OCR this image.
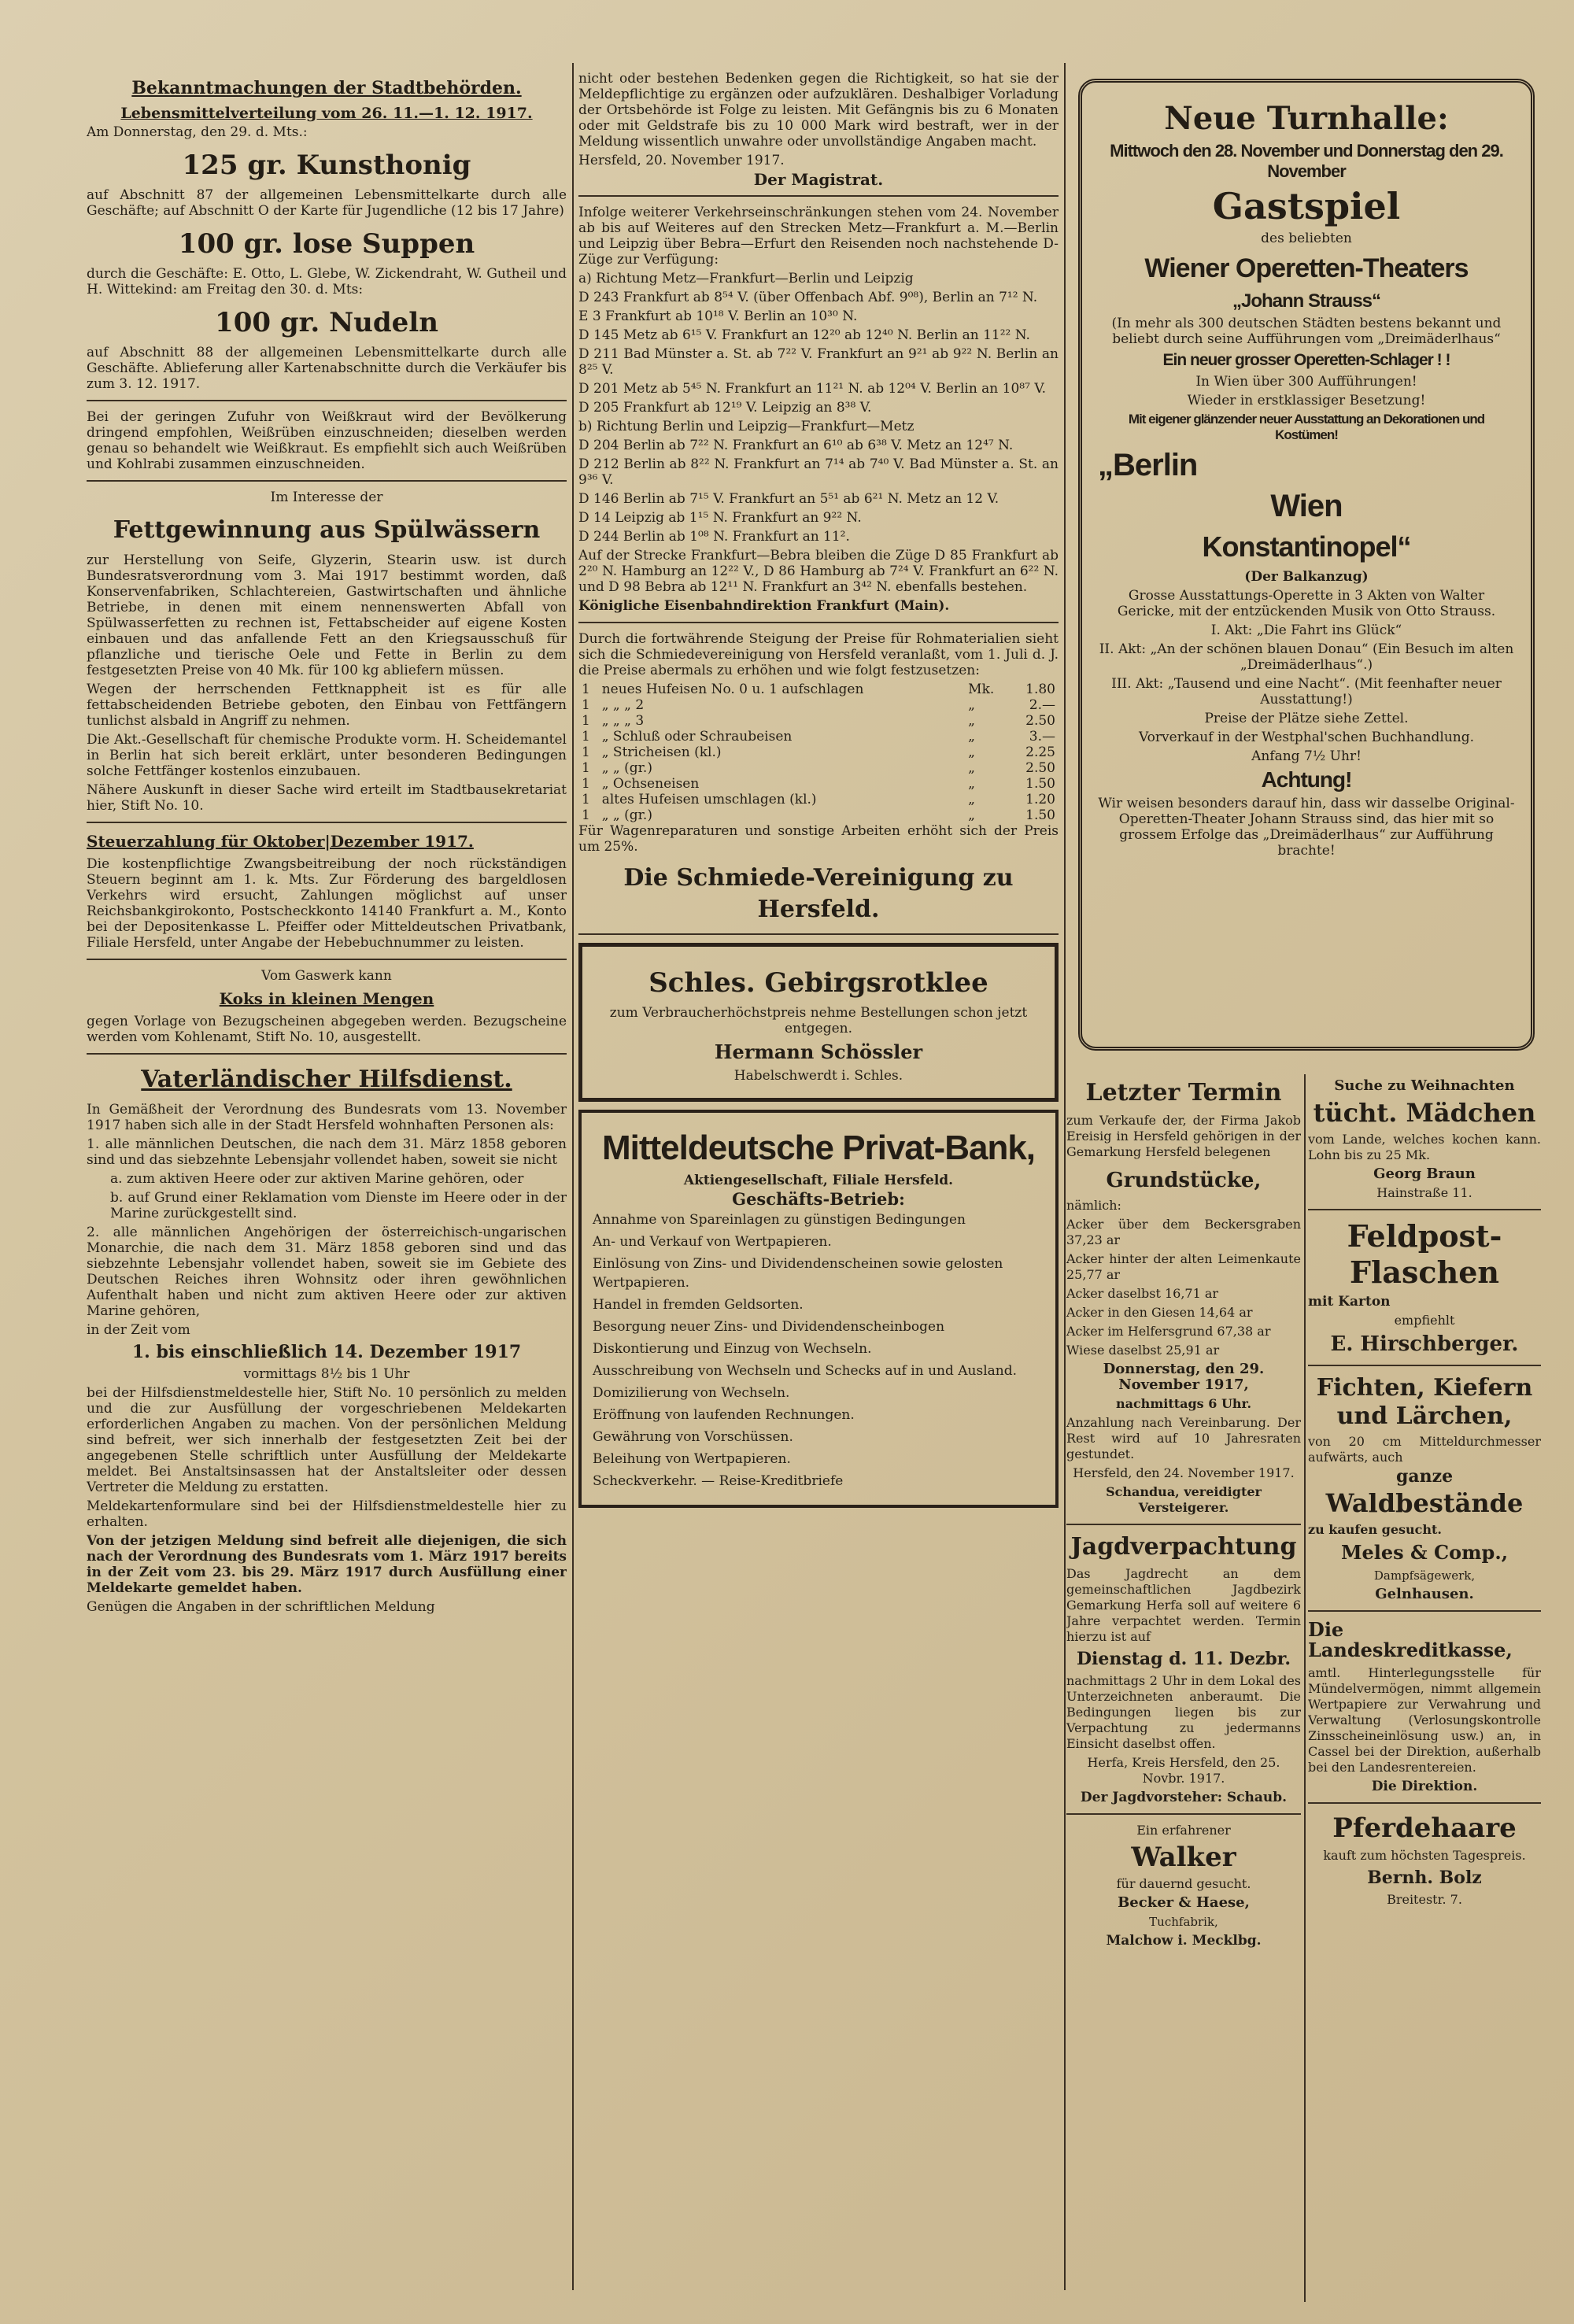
Bekanntmachungen der Stadtbehörden.

Lebensmittelverteilung vom 26. 11.—1. 12. 1917.

Am Donnerstag, den 29. d. Mts.:

125 gr. Kunsthonig

auf Abschnitt 87 der allgemeinen Lebensmittelkarte durch alle Geschäfte; auf Abschnitt O der Karte für Jugendliche (12 bis 17 Jahre)

100 gr. lose Suppen

durch die Geschäfte: E. Otto, L. Glebe, W. Zickendraht, W. Gutheil und H. Wittekind: am Freitag den 30. d. Mts:

100 gr. Nudeln

auf Abschnitt 88 der allgemeinen Lebensmittelkarte durch alle Geschäfte. Ablieferung aller Kartenabschnitte durch die Verkäufer bis zum 3. 12. 1917.

Bei der geringen Zufuhr von Weißkraut wird der Bevölkerung dringend empfohlen, Weißrüben einzuschneiden; dieselben werden genau so behandelt wie Weißkraut. Es empfiehlt sich auch Weißrüben und Kohlrabi zusammen einzuschneiden.

Im Interesse der

Fettgewinnung aus Spülwässern

zur Herstellung von Seife, Glyzerin, Stearin usw. ist durch Bundesratsverordnung vom 3. Mai 1917 bestimmt worden, daß Konservenfabriken, Schlachtereien, Gastwirtschaften und ähnliche Betriebe, in denen mit einem nennenswerten Abfall von Spülwasserfetten zu rechnen ist, Fettabscheider auf eigene Kosten einbauen und das anfallende Fett an den Kriegsausschuß für pflanzliche und tierische Oele und Fette in Berlin zu dem festgesetzten Preise von 40 Mk. für 100 kg abliefern müssen.

Wegen der herrschenden Fettknappheit ist es für alle fettabscheidenden Betriebe geboten, den Einbau von Fettfängern tunlichst alsbald in Angriff zu nehmen.

Die Akt.-Gesellschaft für chemische Produkte vorm. H. Scheidemantel in Berlin hat sich bereit erklärt, unter besonderen Bedingungen solche Fettfänger kostenlos einzubauen.

Nähere Auskunft in dieser Sache wird erteilt im Stadtbausekretariat hier, Stift No. 10.

Steuerzahlung für Oktober|Dezember 1917.

Die kostenpflichtige Zwangsbeitreibung der noch rückständigen Steuern beginnt am 1. k. Mts. Zur Förderung des bargeldlosen Verkehrs wird ersucht, Zahlungen möglichst auf unser Reichsbankgirokonto, Postscheckkonto 14140 Frankfurt a. M., Konto bei der Depositenkasse L. Pfeiffer oder Mitteldeutschen Privatbank, Filiale Hersfeld, unter Angabe der Hebebuchnummer zu leisten.

Vom Gaswerk kann

Koks in kleinen Mengen

gegen Vorlage von Bezugscheinen abgegeben werden. Bezugscheine werden vom Kohlenamt, Stift No. 10, ausgestellt.

Vaterländischer Hilfsdienst.

In Gemäßheit der Verordnung des Bundesrats vom 13. November 1917 haben sich alle in der Stadt Hersfeld wohnhaften Personen als:

1. alle männlichen Deutschen, die nach dem 31. März 1858 geboren sind und das siebzehnte Lebensjahr vollendet haben, soweit sie nicht

a. zum aktiven Heere oder zur aktiven Marine gehören, oder

b. auf Grund einer Reklamation vom Dienste im Heere oder in der Marine zurückgestellt sind.

2. alle männlichen Angehörigen der österreichisch-ungarischen Monarchie, die nach dem 31. März 1858 geboren sind und das siebzehnte Lebensjahr vollendet haben, soweit sie im Gebiete des Deutschen Reiches ihren Wohnsitz oder ihren gewöhnlichen Aufenthalt haben und nicht zum aktiven Heere oder zur aktiven Marine gehören,

in der Zeit vom

1. bis einschließlich 14. Dezember 1917

vormittags 8½ bis 1 Uhr

bei der Hilfsdienstmeldestelle hier, Stift No. 10 persönlich zu melden und die zur Ausfüllung der vorgeschriebenen Meldekarten erforderlichen Angaben zu machen. Von der persönlichen Meldung sind befreit, wer sich innerhalb der festgesetzten Zeit bei der angegebenen Stelle schriftlich unter Ausfüllung der Meldekarte meldet. Bei Anstaltsinsassen hat der Anstaltsleiter oder dessen Vertreter die Meldung zu erstatten.

Meldekartenformulare sind bei der Hilfsdienstmeldestelle hier zu erhalten.

Von der jetzigen Meldung sind befreit alle diejenigen, die sich nach der Verordnung des Bundesrats vom 1. März 1917 bereits in der Zeit vom 23. bis 29. März 1917 durch Ausfüllung einer Meldekarte gemeldet haben.

Genügen die Angaben in der schriftlichen Meldung

nicht oder bestehen Bedenken gegen die Richtigkeit, so hat sie der Meldepflichtige zu ergänzen oder aufzuklären. Deshalbiger Vorladung der Ortsbehörde ist Folge zu leisten. Mit Gefängnis bis zu 6 Monaten oder mit Geldstrafe bis zu 10 000 Mark wird bestraft, wer in der Meldung wissentlich unwahre oder unvollständige Angaben macht.

Hersfeld, 20. November 1917.

Der Magistrat.

Infolge weiterer Verkehrseinschränkungen stehen vom 24. November ab bis auf Weiteres auf den Strecken Metz—Frankfurt a. M.—Berlin und Leipzig über Bebra—Erfurt den Reisenden noch nachstehende D-Züge zur Verfügung:

a) Richtung Metz—Frankfurt—Berlin und Leipzig

D 243 Frankfurt ab 8⁵⁴ V. (über Offenbach Abf. 9⁰⁸), Berlin an 7¹² N.

E 3 Frankfurt ab 10¹⁸ V. Berlin an 10³⁰ N.

D 145 Metz ab 6¹⁵ V. Frankfurt an 12²⁰ ab 12⁴⁰ N. Berlin an 11²² N.

D 211 Bad Münster a. St. ab 7²² V. Frankfurt an 9²¹ ab 9²² N. Berlin an 8²⁵ V.

D 201 Metz ab 5⁴⁵ N. Frankfurt an 11²¹ N. ab 12⁰⁴ V. Berlin an 10⁸⁷ V.

D 205 Frankfurt ab 12¹⁹ V. Leipzig an 8³⁸ V.

b) Richtung Berlin und Leipzig—Frankfurt—Metz

D 204 Berlin ab 7²² N. Frankfurt an 6¹⁰ ab 6³⁸ V. Metz an 12⁴⁷ N.

D 212 Berlin ab 8²² N. Frankfurt an 7¹⁴ ab 7⁴⁰ V. Bad Münster a. St. an 9³⁶ V.

D 146 Berlin ab 7¹⁵ V. Frankfurt an 5⁵¹ ab 6²¹ N. Metz an 12 V.

D 14 Leipzig ab 1¹⁵ N. Frankfurt an 9²² N.

D 244 Berlin ab 1⁰⁸ N. Frankfurt an 11².

Auf der Strecke Frankfurt—Bebra bleiben die Züge D 85 Frankfurt ab 2²⁰ N. Hamburg an 12²² V., D 86 Hamburg ab 7²⁴ V. Frankfurt an 6²² N. und D 98 Bebra ab 12¹¹ N. Frankfurt an 3⁴² N. ebenfalls bestehen.

Königliche Eisenbahndirektion Frankfurt (Main).

Durch die fortwährende Steigung der Preise für Rohmaterialien sieht sich die Schmiedevereinigung von Hersfeld veranlaßt, vom 1. Juli d. J. die Preise abermals zu erhöhen und wie folgt festzusetzen:

1	neues Hufeisen No. 0 u. 1 aufschlagen	Mk.	1.80
1	„ „ „ 2	„	2.—
1	„ „ „ 3	„	2.50
1	„ Schluß oder Schraubeisen	„	3.—
1	„ Stricheisen (kl.)	„	2.25
1	„ „ (gr.)	„	2.50
1	„ Ochseneisen	„	1.50
1	altes Hufeisen umschlagen (kl.)	„	1.20
1	„ „ (gr.)	„	1.50

Für Wagenreparaturen und sonstige Arbeiten erhöht sich der Preis um 25%.

Die Schmiede-Vereinigung zu Hersfeld.
Schles. Gebirgsrotklee

zum Verbraucherhöchstpreis nehme Bestellungen schon jetzt entgegen.

Hermann Schössler

Habelschwerdt i. Schles.

Mitteldeutsche Privat-Bank,

Aktiengesellschaft, Filiale Hersfeld.

Geschäfts-Betrieb:

Annahme von Spareinlagen zu günstigen Bedingungen

An- und Verkauf von Wertpapieren.

Einlösung von Zins- und Dividendenscheinen sowie gelosten Wertpapieren.

Handel in fremden Geldsorten.

Besorgung neuer Zins- und Dividendenscheinbogen

Diskontierung und Einzug von Wechseln.

Ausschreibung von Wechseln und Schecks auf in und Ausland.

Domizilierung von Wechseln.

Eröffnung von laufenden Rechnungen.

Gewährung von Vorschüssen.

Beleihung von Wertpapieren.

Scheckverkehr. — Reise-Kreditbriefe

Neue Turnhalle:

Mittwoch den 28. November und Donnerstag den 29. November

Gastspiel

des beliebten

Wiener Operetten-Theaters

„Johann Strauss“

(In mehr als 300 deutschen Städten bestens bekannt und beliebt durch seine Aufführungen vom „Dreimäderlhaus“

Ein neuer grosser Operetten-Schlager ! !

In Wien über 300 Aufführungen!

Wieder in erstklassiger Besetzung!

Mit eigener glänzender neuer Ausstattung an Dekorationen und Kostümen!

„Berlin
Wien
Konstantinopel“

(Der Balkanzug)

Grosse Ausstattungs-Operette in 3 Akten von Walter Gericke, mit der entzückenden Musik von Otto Strauss.

I. Akt: „Die Fahrt ins Glück“

II. Akt: „An der schönen blauen Donau“ (Ein Besuch im alten „Dreimäderlhaus“.)

III. Akt: „Tausend und eine Nacht“. (Mit feenhafter neuer Ausstattung!)

Preise der Plätze siehe Zettel.

Vorverkauf in der Westphal'schen Buchhandlung.

Anfang 7½ Uhr!

Achtung!

Wir weisen besonders darauf hin, dass wir dasselbe Original-Operetten-Theater Johann Strauss sind, das hier mit so grossem Erfolge das „Dreimäderlhaus“ zur Aufführung brachte!

Letzter Termin

zum Verkaufe der, der Firma Jakob Ereisig in Hersfeld gehörigen in der Gemarkung Hersfeld belegenen

Grundstücke,

nämlich:

Acker über dem Beckersgraben 37,23 ar

Acker hinter der alten Leimenkaute 25,77 ar

Acker daselbst 16,71 ar

Acker in den Giesen 14,64 ar

Acker im Helfersgrund 67,38 ar

Wiese daselbst 25,91 ar

Donnerstag, den 29. November 1917,

nachmittags 6 Uhr.

Anzahlung nach Vereinbarung. Der Rest wird auf 10 Jahresraten gestundet.

Hersfeld, den 24. November 1917.

Schandua, vereidigter Versteigerer.

Jagdverpachtung

Das Jagdrecht an dem gemeinschaftlichen Jagdbezirk Gemarkung Herfa soll auf weitere 6 Jahre verpachtet werden. Termin hierzu ist auf

Dienstag d. 11. Dezbr.

nachmittags 2 Uhr in dem Lokal des Unterzeichneten anberaumt. Die Bedingungen liegen bis zur Verpachtung zu jedermanns Einsicht daselbst offen.

Herfa, Kreis Hersfeld, den 25. Novbr. 1917.

Der Jagdvorsteher: Schaub.

Ein erfahrener

Walker

für dauernd gesucht.

Becker & Haese,

Tuchfabrik,

Malchow i. Mecklbg.

Suche zu Weihnachten

tücht. Mädchen

vom Lande, welches kochen kann. Lohn bis zu 25 Mk.

Georg Braun

Hainstraße 11.

Feldpost-Flaschen

mit Karton

empfiehlt

E. Hirschberger.

Fichten, Kiefern und Lärchen,

von 20 cm Mitteldurchmesser aufwärts, auch

ganze

Waldbestände

zu kaufen gesucht.

Meles & Comp.,

Dampfsägewerk,

Gelnhausen.

Die Landeskreditkasse,

amtl. Hinterlegungsstelle für Mündelvermögen, nimmt allgemein Wertpapiere zur Verwahrung und Verwaltung (Verlosungskontrolle Zinsscheineinlösung usw.) an, in Cassel bei der Direktion, außerhalb bei den Landesrentereien.

Die Direktion.

Pferdehaare

kauft zum höchsten Tagespreis.

Bernh. Bolz

Breitestr. 7.
